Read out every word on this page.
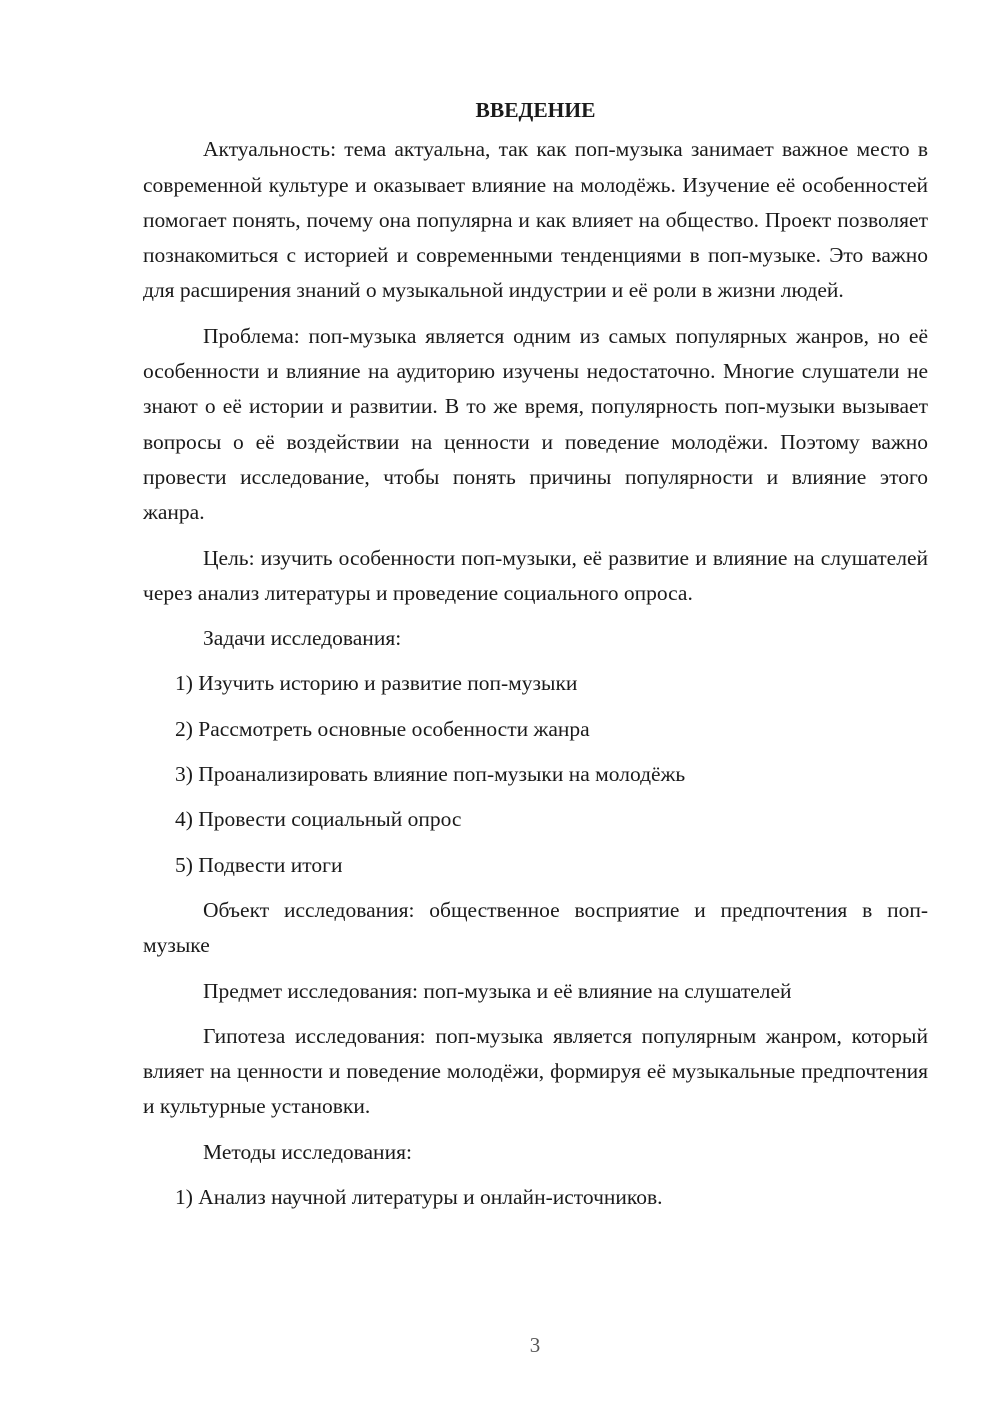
ВВЕДЕНИЕ

Актуальность: тема актуальна, так как поп-музыка занимает важное место в современной культуре и оказывает влияние на молодёжь. Изучение её особенностей помогает понять, почему она популярна и как влияет на общество. Проект позволяет познакомиться с историей и современными тенденциями в поп-музыке. Это важно для расширения знаний о музыкальной индустрии и её роли в жизни людей.

Проблема: поп-музыка является одним из самых популярных жанров, но её особенности и влияние на аудиторию изучены недостаточно. Многие слушатели не знают о её истории и развитии. В то же время, популярность поп-музыки вызывает вопросы о её воздействии на ценности и поведение молодёжи. Поэтому важно провести исследование, чтобы понять причины популярности и влияние этого жанра.

Цель: изучить особенности поп-музыки, её развитие и влияние на слушателей через анализ литературы и проведение социального опроса.

Задачи исследования:

1) Изучить историю и развитие поп-музыки

2) Рассмотреть основные особенности жанра

3) Проанализировать влияние поп-музыки на молодёжь

4) Провести социальный опрос

5) Подвести итоги

Объект исследования: общественное восприятие и предпочтения в поп-музыке

Предмет исследования: поп-музыка и её влияние на слушателей

Гипотеза исследования: поп-музыка является популярным жанром, который влияет на ценности и поведение молодёжи, формируя её музыкальные предпочтения и культурные установки.

Методы исследования:

1) Анализ научной литературы и онлайн-источников.

3
